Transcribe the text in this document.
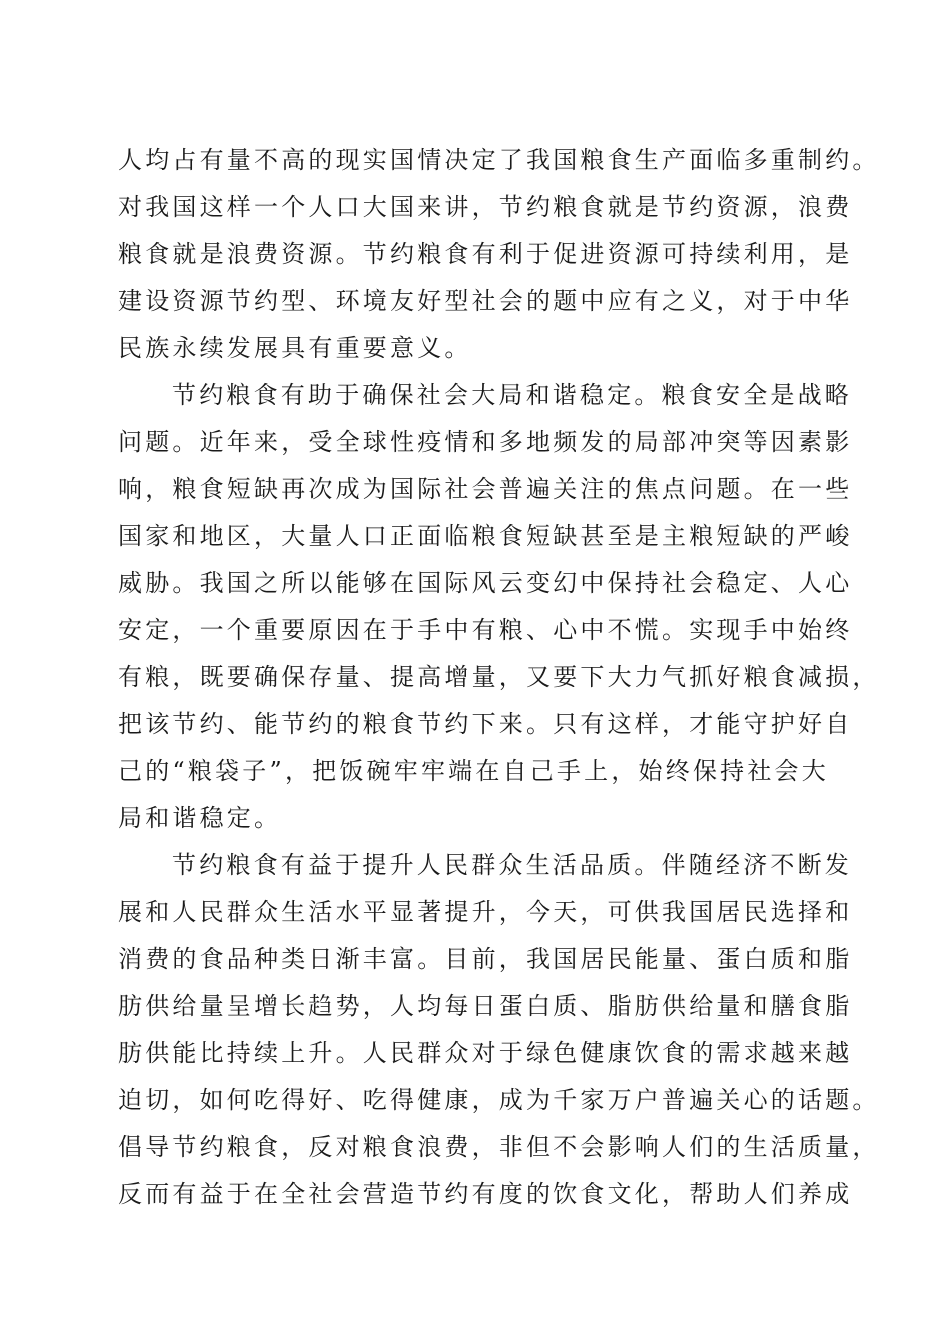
人均占有量不高的现实国情决定了我国粮食生产面临多重制约。
对我国这样一个人口大国来讲，节约粮食就是节约资源，浪费
粮食就是浪费资源。节约粮食有利于促进资源可持续利用，是
建设资源节约型、环境友好型社会的题中应有之义，对于中华
民族永续发展具有重要意义。
节约粮食有助于确保社会大局和谐稳定。粮食安全是战略
问题。近年来，受全球性疫情和多地频发的局部冲突等因素影
响，粮食短缺再次成为国际社会普遍关注的焦点问题。在一些
国家和地区，大量人口正面临粮食短缺甚至是主粮短缺的严峻
威胁。我国之所以能够在国际风云变幻中保持社会稳定、人心
安定，一个重要原因在于手中有粮、心中不慌。实现手中始终
有粮，既要确保存量、提高增量，又要下大力气抓好粮食减损，
把该节约、能节约的粮食节约下来。只有这样，才能守护好自
己的“粮袋子”，把饭碗牢牢端在自己手上，始终保持社会大
局和谐稳定。
节约粮食有益于提升人民群众生活品质。伴随经济不断发
展和人民群众生活水平显著提升，今天，可供我国居民选择和
消费的食品种类日渐丰富。目前，我国居民能量、蛋白质和脂
肪供给量呈增长趋势，人均每日蛋白质、脂肪供给量和膳食脂
肪供能比持续上升。人民群众对于绿色健康饮食的需求越来越
迫切，如何吃得好、吃得健康，成为千家万户普遍关心的话题。
倡导节约粮食，反对粮食浪费，非但不会影响人们的生活质量，
反而有益于在全社会营造节约有度的饮食文化，帮助人们养成
